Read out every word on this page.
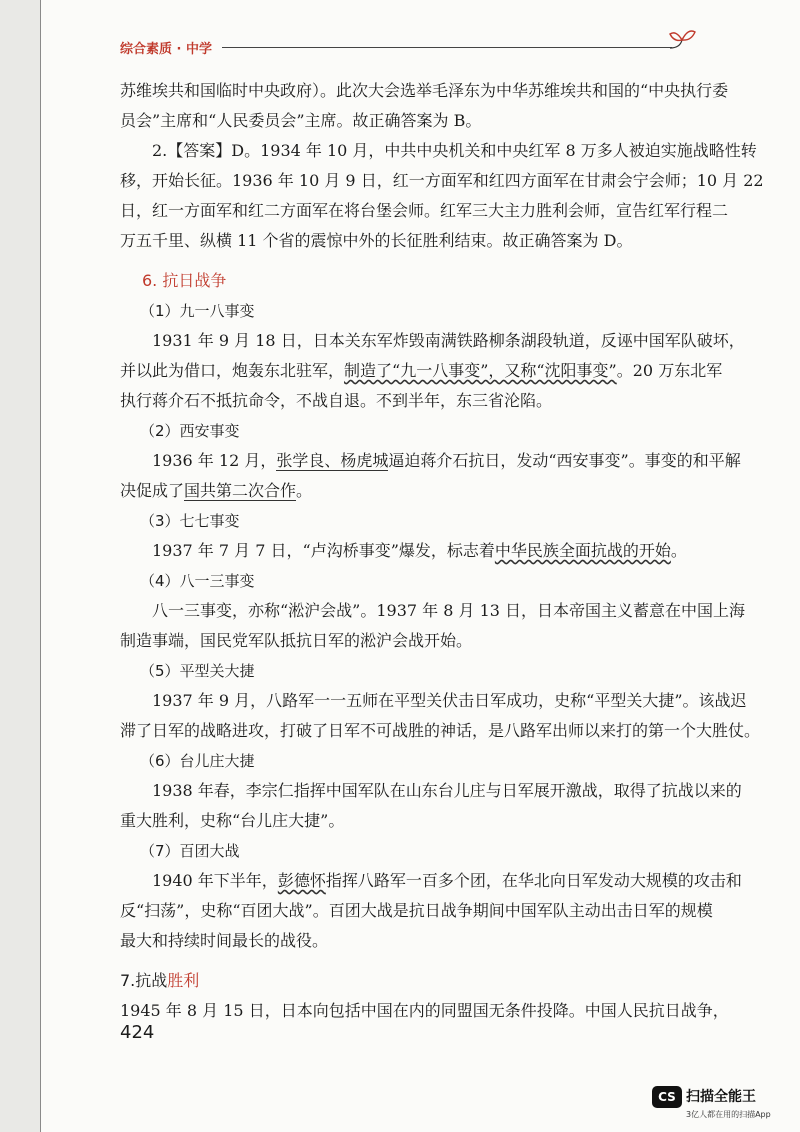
综合素质 · 中学
苏维埃共和国临时中央政府）。此次大会选举毛泽东为中华苏维埃共和国的“中央执行委
员会”主席和“人民委员会”主席。故正确答案为 B。
2.【答案】D。1934 年 10 月，中共中央机关和中央红军 8 万多人被迫实施战略性转
移，开始长征。1936 年 10 月 9 日，红一方面军和红四方面军在甘肃会宁会师；10 月 22
日，红一方面军和红二方面军在将台堡会师。红军三大主力胜利会师，宣告红军行程二
万五千里、纵横 11 个省的震惊中外的长征胜利结束。故正确答案为 D。
6. 抗日战争
（1）九一八事变
1931 年 9 月 18 日，日本关东军炸毁南满铁路柳条湖段轨道，反诬中国军队破坏，
并以此为借口，炮轰东北驻军，制造了“九一八事变”，又称“沈阳事变”。20 万东北军
执行蒋介石不抵抗命令，不战自退。不到半年，东三省沦陷。
（2）西安事变
1936 年 12 月，张学良、杨虎城逼迫蒋介石抗日，发动“西安事变”。事变的和平解
决促成了国共第二次合作。
（3）七七事变
1937 年 7 月 7 日，“卢沟桥事变”爆发，标志着中华民族全面抗战的开始。
（4）八一三事变
八一三事变，亦称“淞沪会战”。1937 年 8 月 13 日，日本帝国主义蓄意在中国上海
制造事端，国民党军队抵抗日军的淞沪会战开始。
（5）平型关大捷
1937 年 9 月，八路军一一五师在平型关伏击日军成功，史称“平型关大捷”。该战迟
滞了日军的战略进攻，打破了日军不可战胜的神话，是八路军出师以来打的第一个大胜仗。
（6）台儿庄大捷
1938 年春，李宗仁指挥中国军队在山东台儿庄与日军展开激战，取得了抗战以来的
重大胜利，史称“台儿庄大捷”。
（7）百团大战
1940 年下半年，彭德怀指挥八路军一百多个团，在华北向日军发动大规模的攻击和
反“扫荡”，史称“百团大战”。百团大战是抗日战争期间中国军队主动出击日军的规模
最大和持续时间最长的战役。
7.抗战胜利
1945 年 8 月 15 日，日本向包括中国在内的同盟国无条件投降。中国人民抗日战争，
424
CS 扫描全能王
3亿人都在用的扫描App
